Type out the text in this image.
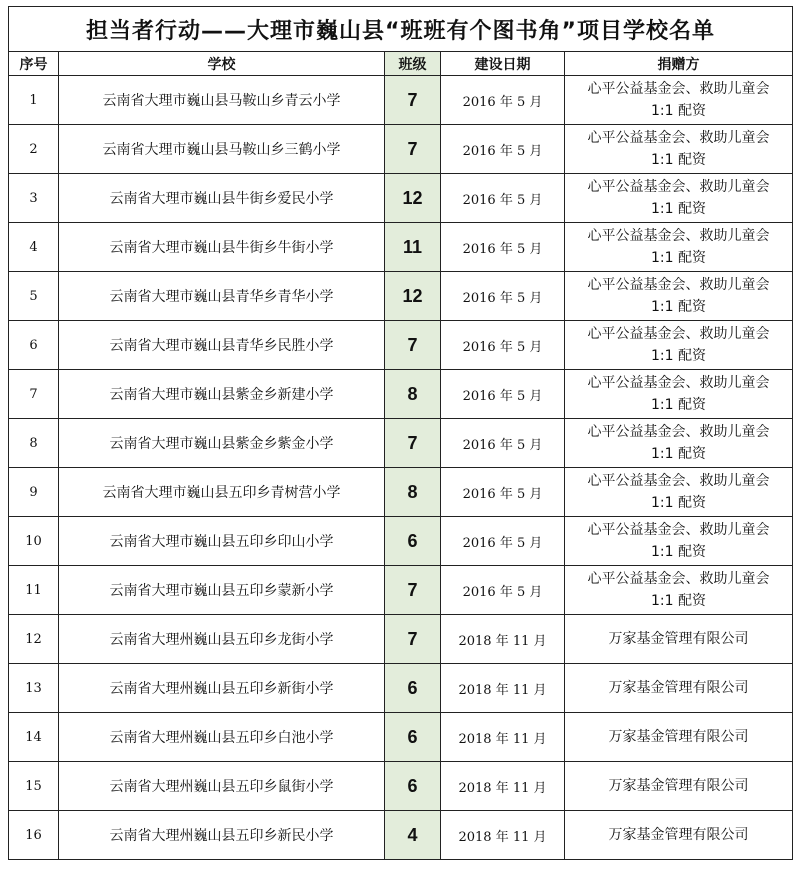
担当者行动——大理市巍山县“班班有个图书角”项目学校名单				
序号	学校	班级	建设日期	捐赠方
1	云南省大理市巍山县马鞍山乡青云小学	7	2016 年 5 月	心平公益基金会、救助儿童会
1:1 配资

2	云南省大理市巍山县马鞍山乡三鹤小学	7	2016 年 5 月	心平公益基金会、救助儿童会
1:1 配资

3	云南省大理市巍山县牛街乡爱民小学	12	2016 年 5 月	心平公益基金会、救助儿童会
1:1 配资

4	云南省大理市巍山县牛街乡牛街小学	11	2016 年 5 月	心平公益基金会、救助儿童会
1:1 配资

5	云南省大理市巍山县青华乡青华小学	12	2016 年 5 月	心平公益基金会、救助儿童会
1:1 配资

6	云南省大理市巍山县青华乡民胜小学	7	2016 年 5 月	心平公益基金会、救助儿童会
1:1 配资

7	云南省大理市巍山县紫金乡新建小学	8	2016 年 5 月	心平公益基金会、救助儿童会
1:1 配资

8	云南省大理市巍山县紫金乡紫金小学	7	2016 年 5 月	心平公益基金会、救助儿童会
1:1 配资

9	云南省大理市巍山县五印乡青树营小学	8	2016 年 5 月	心平公益基金会、救助儿童会
1:1 配资

10	云南省大理市巍山县五印乡印山小学	6	2016 年 5 月	心平公益基金会、救助儿童会
1:1 配资

11	云南省大理市巍山县五印乡蒙新小学	7	2016 年 5 月	心平公益基金会、救助儿童会
1:1 配资

12	云南省大理州巍山县五印乡龙街小学	7	2018 年 11 月	万家基金管理有限公司

13	云南省大理州巍山县五印乡新街小学	6	2018 年 11 月	万家基金管理有限公司

14	云南省大理州巍山县五印乡白池小学	6	2018 年 11 月	万家基金管理有限公司

15	云南省大理州巍山县五印乡鼠街小学	6	2018 年 11 月	万家基金管理有限公司

16	云南省大理州巍山县五印乡新民小学	4	2018 年 11 月	万家基金管理有限公司
